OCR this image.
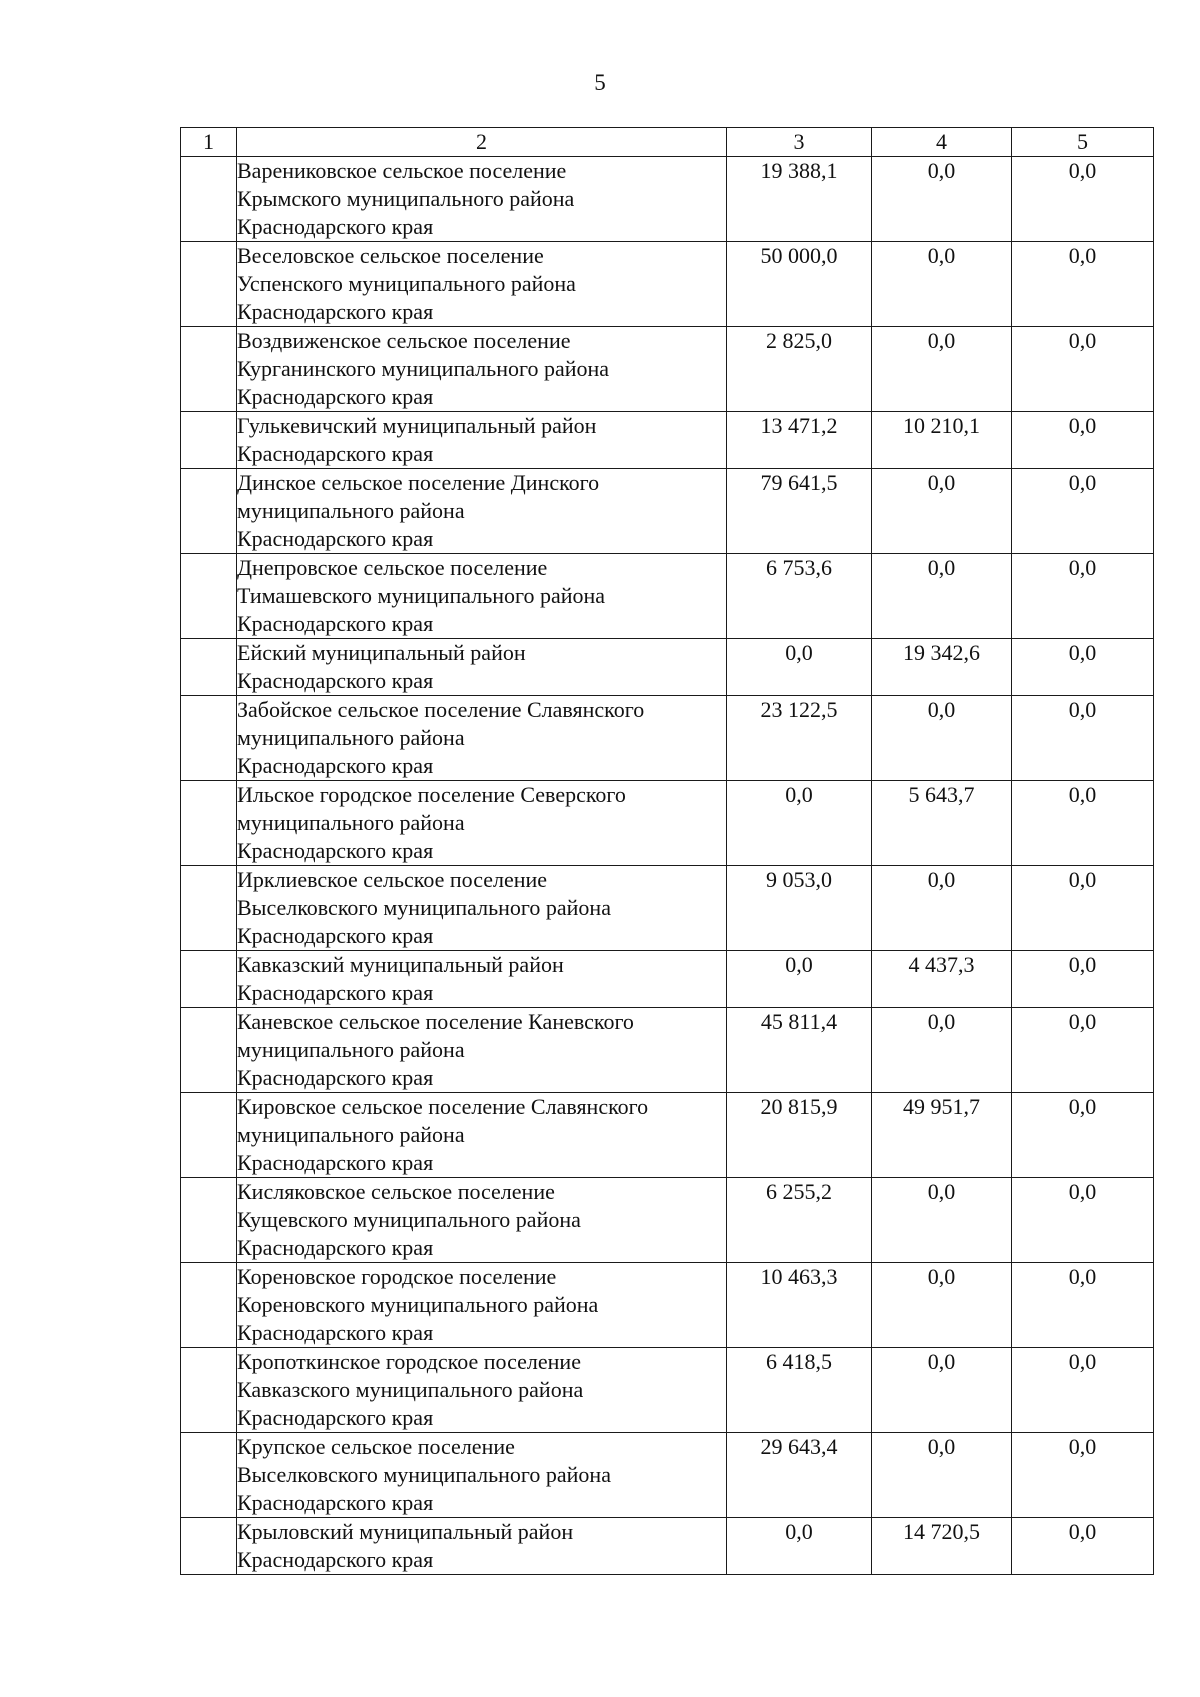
5
1	2	3	4	5
	Варениковское сельское поселение
Крымского муниципального района
Краснодарского края	19 388,1	0,0	0,0
	Веселовское сельское поселение
Успенского муниципального района
Краснодарского края	50 000,0	0,0	0,0
	Воздвиженское сельское поселение
Курганинского муниципального района
Краснодарского края	2 825,0	0,0	0,0
	Гулькевичский муниципальный район
Краснодарского края	13 471,2	10 210,1	0,0
	Динское сельское поселение Динского
муниципального района
Краснодарского края	79 641,5	0,0	0,0
	Днепровское сельское поселение
Тимашевского муниципального района
Краснодарского края	6 753,6	0,0	0,0
	Ейский муниципальный район
Краснодарского края	0,0	19 342,6	0,0
	Забойское сельское поселение Славянского
муниципального района
Краснодарского края	23 122,5	0,0	0,0
	Ильское городское поселение Северского
муниципального района
Краснодарского края	0,0	5 643,7	0,0
	Ирклиевское сельское поселение
Выселковского муниципального района
Краснодарского края	9 053,0	0,0	0,0
	Кавказский муниципальный район
Краснодарского края	0,0	4 437,3	0,0
	Каневское сельское поселение Каневского
муниципального района
Краснодарского края	45 811,4	0,0	0,0
	Кировское сельское поселение Славянского
муниципального района
Краснодарского края	20 815,9	49 951,7	0,0
	Кисляковское сельское поселение
Кущевского муниципального района
Краснодарского края	6 255,2	0,0	0,0
	Кореновское городское поселение
Кореновского муниципального района
Краснодарского края	10 463,3	0,0	0,0
	Кропоткинское городское поселение
Кавказского муниципального района
Краснодарского края	6 418,5	0,0	0,0
	Крупское сельское поселение
Выселковского муниципального района
Краснодарского края	29 643,4	0,0	0,0
	Крыловский муниципальный район
Краснодарского края	0,0	14 720,5	0,0
